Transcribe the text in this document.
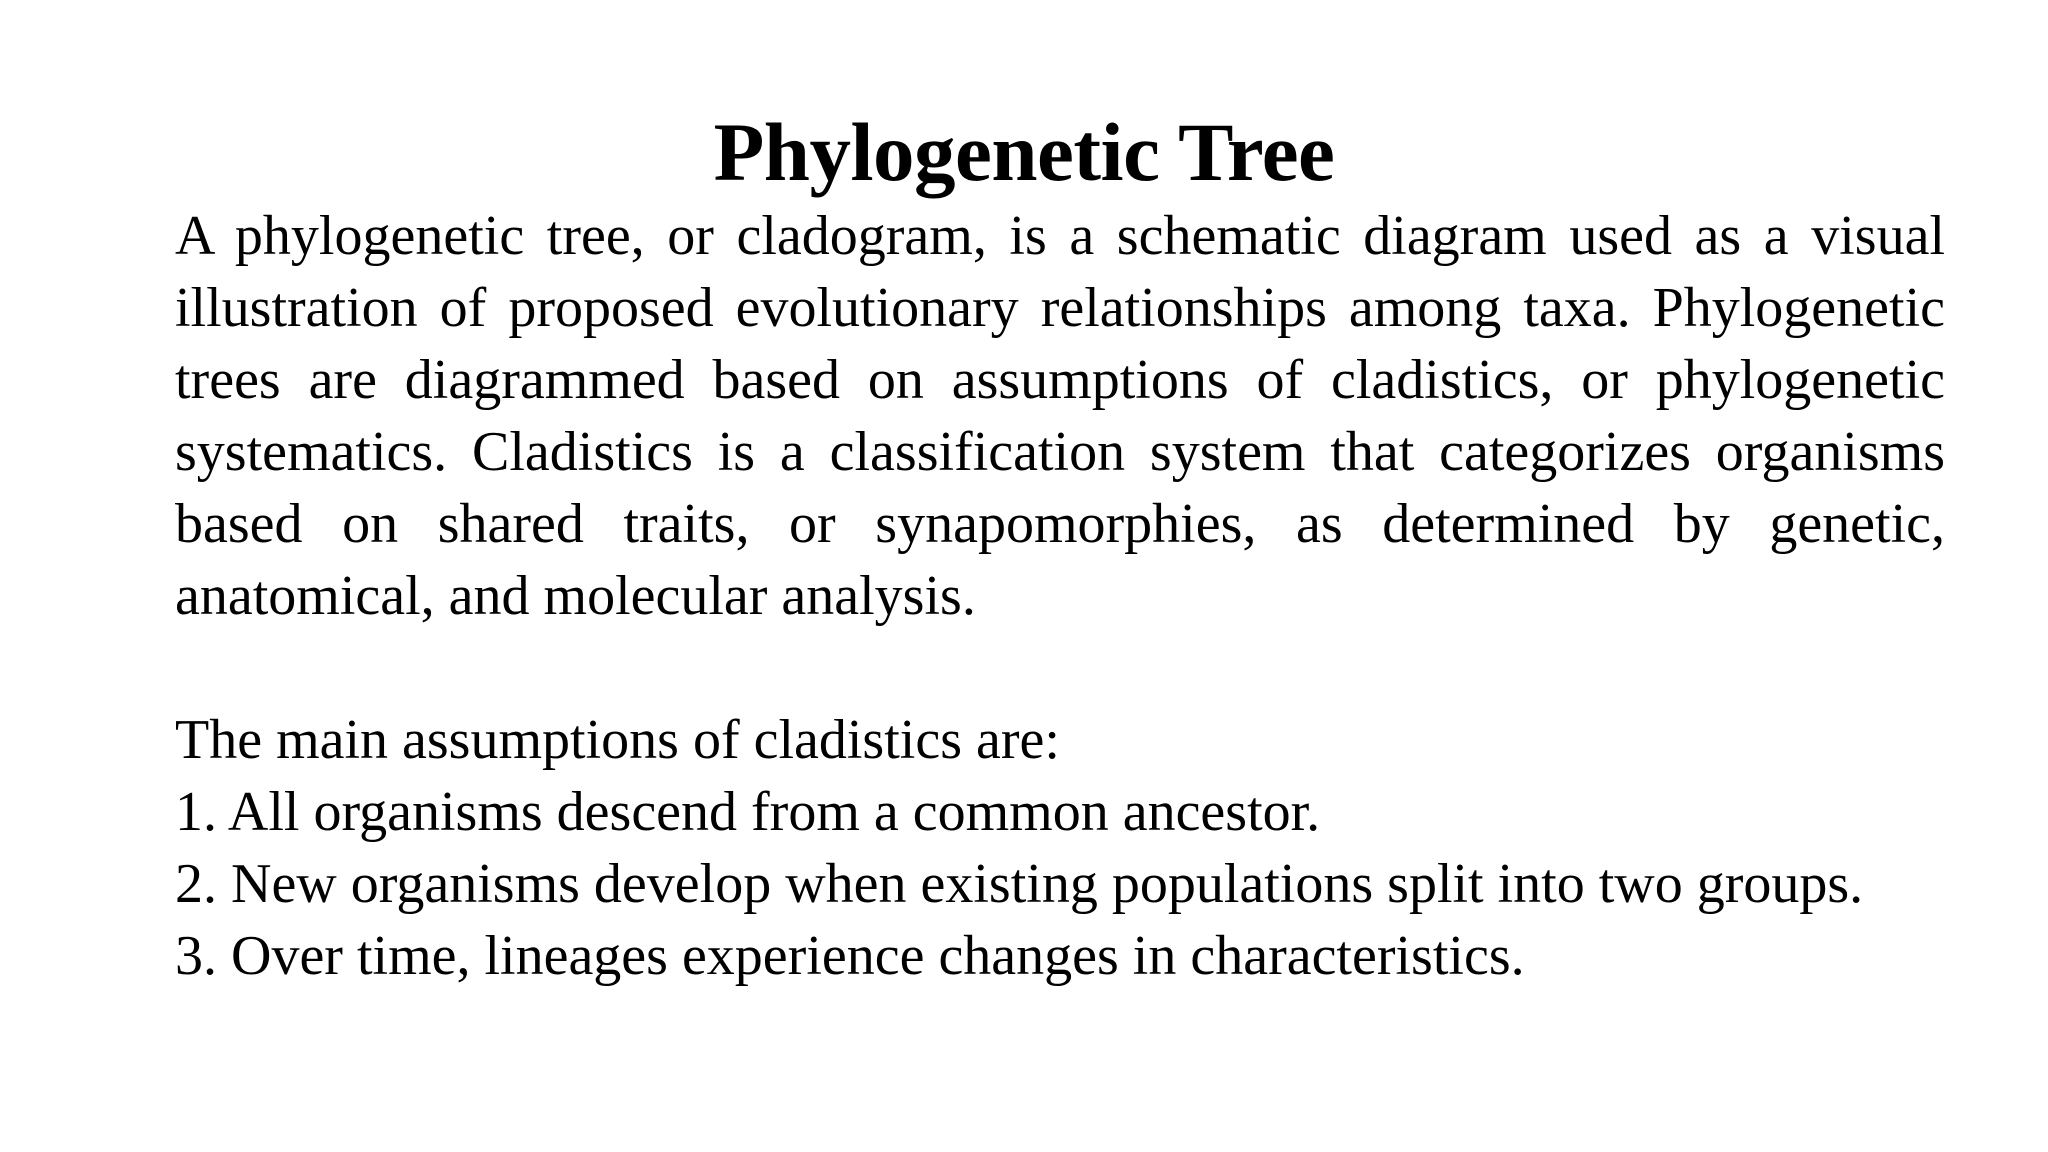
Phylogenetic Tree

A phylogenetic tree, or cladogram, is a schematic diagram used as a visual illustration of proposed evolutionary relationships among taxa. Phylogenetic trees are diagrammed based on assumptions of cladistics, or phylogenetic systematics. Cladistics is a classification system that categorizes organisms based on shared traits, or synapomorphies, as determined by genetic, anatomical, and molecular analysis.

The main assumptions of cladistics are:

1. All organisms descend from a common ancestor.
2. New organisms develop when existing populations split into two groups.
3. Over time, lineages experience changes in characteristics.
